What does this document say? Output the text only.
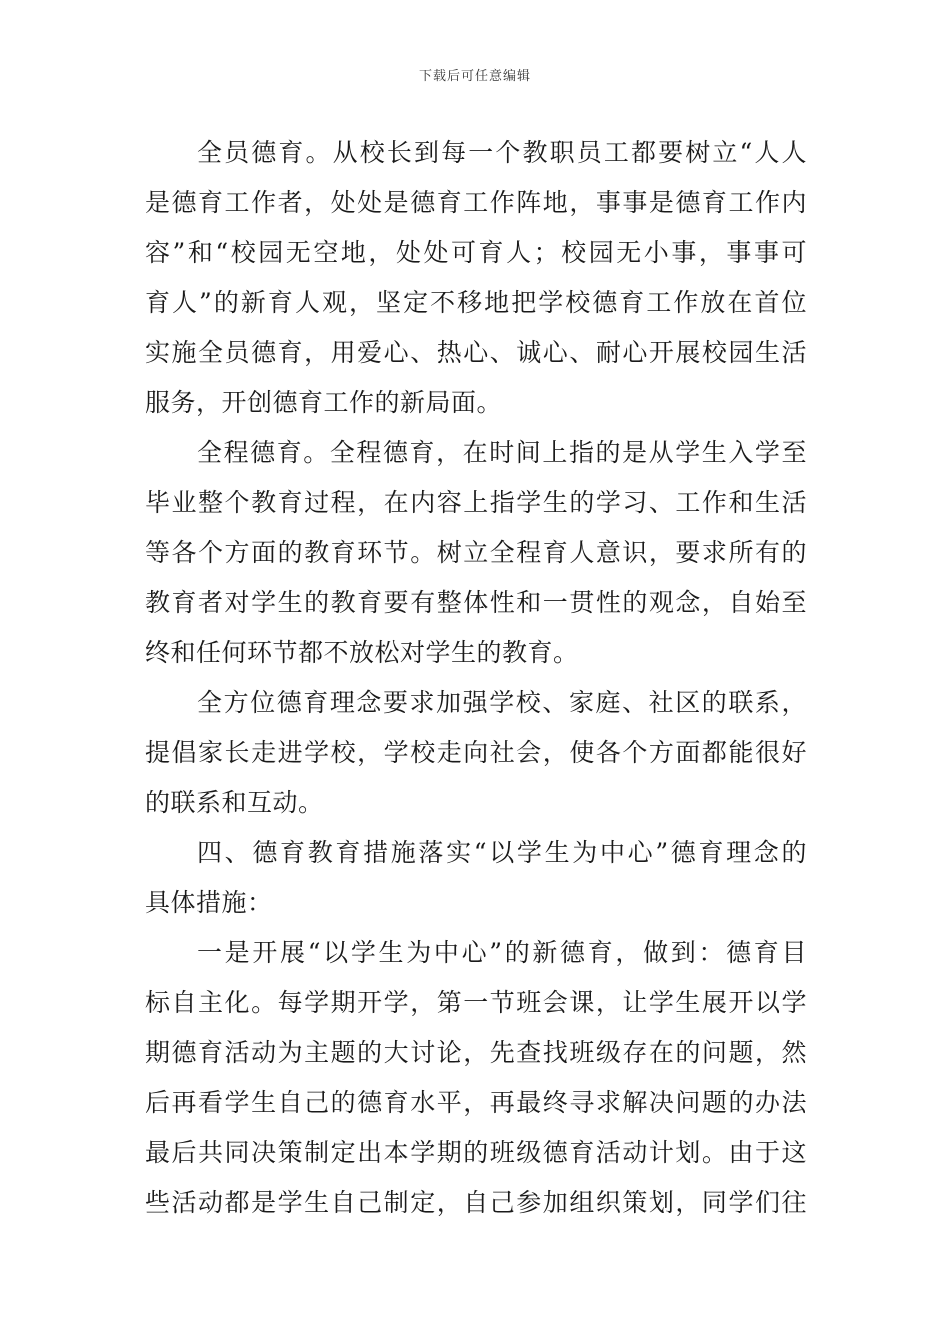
下载后可任意编辑
全员德育。从校长到每一个教职员工都要树立“人人
是德育工作者，处处是德育工作阵地，事事是德育工作内
容”和“校园无空地，处处可育人；校园无小事，事事可
育人”的新育人观，坚定不移地把学校德育工作放在首位
实施全员德育，用爱心、热心、诚心、耐心开展校园生活
服务，开创德育工作的新局面。
全程德育。全程德育，在时间上指的是从学生入学至
毕业整个教育过程，在内容上指学生的学习、工作和生活
等各个方面的教育环节。树立全程育人意识，要求所有的
教育者对学生的教育要有整体性和一贯性的观念，自始至
终和任何环节都不放松对学生的教育。
全方位德育理念要求加强学校、家庭、社区的联系，
提倡家长走进学校，学校走向社会，使各个方面都能很好
的联系和互动。
四、德育教育措施落实“以学生为中心”德育理念的
具体措施：
一是开展“以学生为中心”的新德育，做到：德育目
标自主化。每学期开学，第一节班会课，让学生展开以学
期德育活动为主题的大讨论，先查找班级存在的问题，然
后再看学生自己的德育水平，再最终寻求解决问题的办法
最后共同决策制定出本学期的班级德育活动计划。由于这
些活动都是学生自己制定，自己参加组织策划，同学们往
